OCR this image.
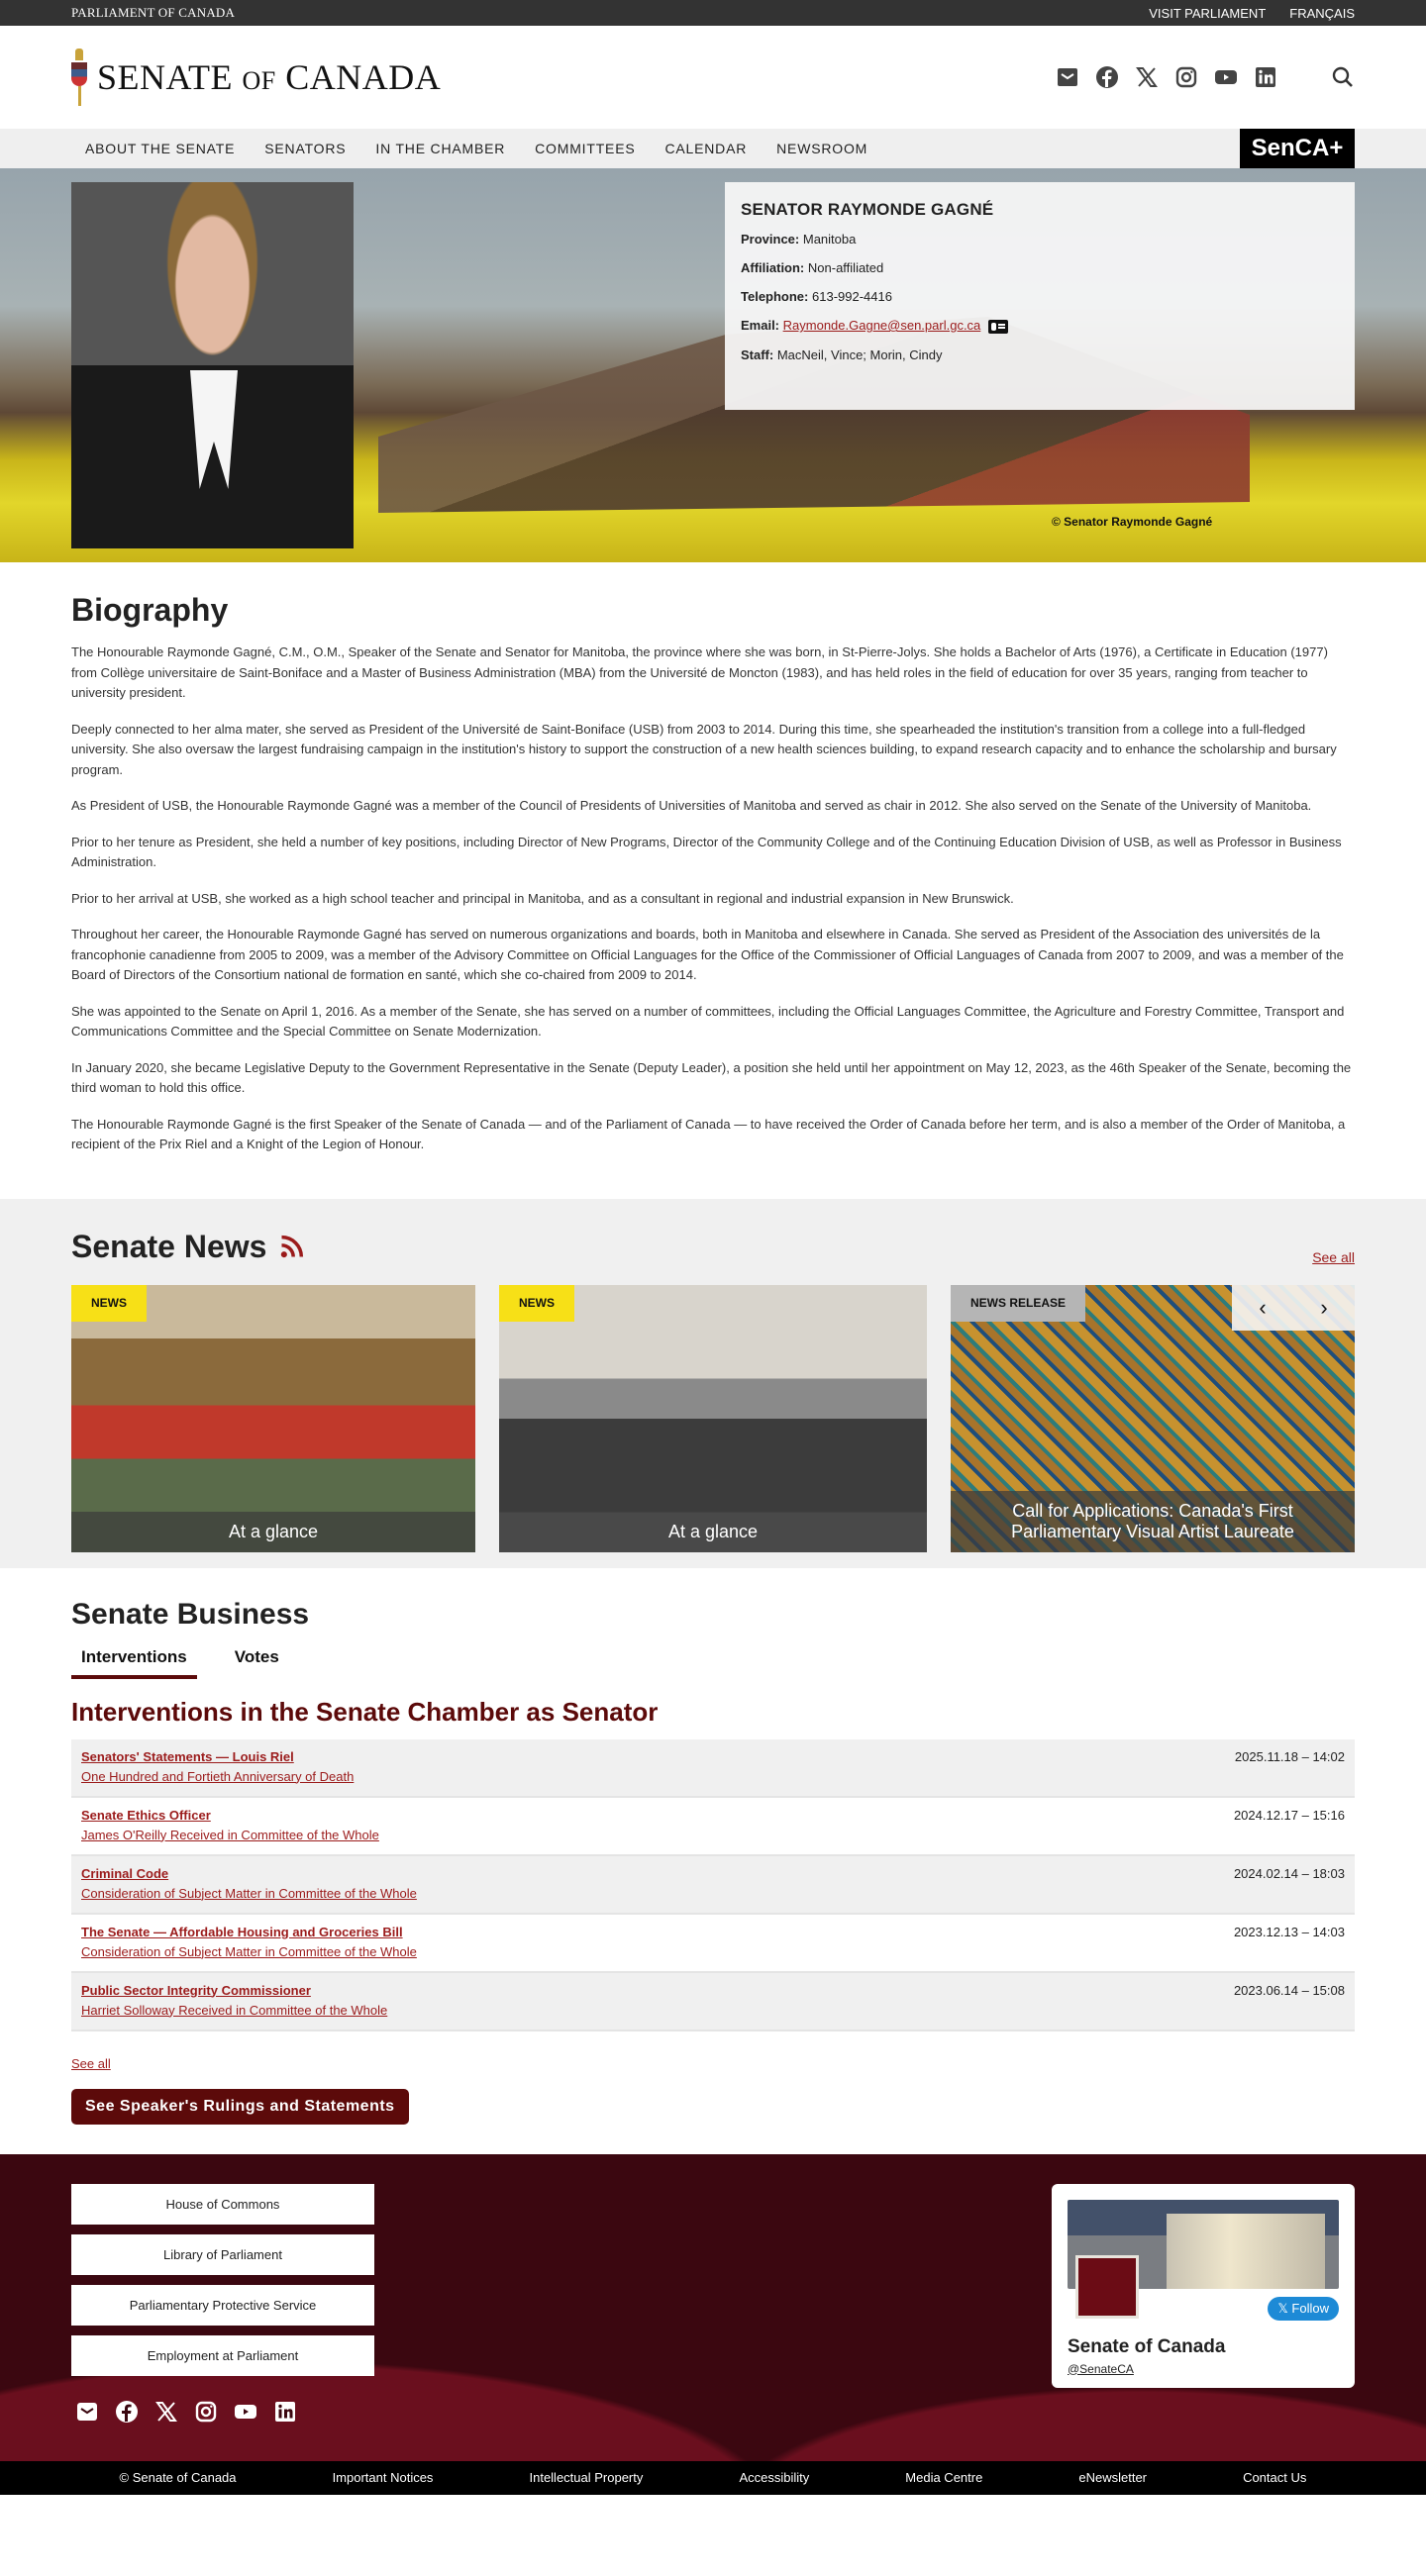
PARLIAMENT OF CANADA	VISIT PARLIAMENT FRANÇAIS
SENATE OF CANADA
ABOUT THE SENATE SENATORS IN THE CHAMBER COMMITTEES CALENDAR NEWSROOM	SenCA+
SENATOR RAYMONDE GAGNÉ

Province: Manitoba

Affiliation: Non-affiliated

Telephone: 613-992-4416

Email: Raymonde.Gagne@sen.parl.gc.ca

Staff: MacNeil, Vince; Morin, Cindy

© Senator Raymonde Gagné
Biography

The Honourable Raymonde Gagné, C.M., O.M., Speaker of the Senate and Senator for Manitoba, the province where she was born, in St-Pierre-Jolys. She holds a Bachelor of Arts (1976), a Certificate in Education (1977) from Collège universitaire de Saint-Boniface and a Master of Business Administration (MBA) from the Université de Moncton (1983), and has held roles in the field of education for over 35 years, ranging from teacher to university president.

Deeply connected to her alma mater, she served as President of the Université de Saint-Boniface (USB) from 2003 to 2014. During this time, she spearheaded the institution's transition from a college into a full-fledged university. She also oversaw the largest fundraising campaign in the institution's history to support the construction of a new health sciences building, to expand research capacity and to enhance the scholarship and bursary program.

As President of USB, the Honourable Raymonde Gagné was a member of the Council of Presidents of Universities of Manitoba and served as chair in 2012. She also served on the Senate of the University of Manitoba.

Prior to her tenure as President, she held a number of key positions, including Director of New Programs, Director of the Community College and of the Continuing Education Division of USB, as well as Professor in Business Administration.

Prior to her arrival at USB, she worked as a high school teacher and principal in Manitoba, and as a consultant in regional and industrial expansion in New Brunswick.

Throughout her career, the Honourable Raymonde Gagné has served on numerous organizations and boards, both in Manitoba and elsewhere in Canada. She served as President of the Association des universités de la francophonie canadienne from 2005 to 2009, was a member of the Advisory Committee on Official Languages for the Office of the Commissioner of Official Languages of Canada from 2007 to 2009, and was a member of the Board of Directors of the Consortium national de formation en santé, which she co-chaired from 2009 to 2014.

She was appointed to the Senate on April 1, 2016. As a member of the Senate, she has served on a number of committees, including the Official Languages Committee, the Agriculture and Forestry Committee, Transport and Communications Committee and the Special Committee on Senate Modernization.

In January 2020, she became Legislative Deputy to the Government Representative in the Senate (Deputy Leader), a position she held until her appointment on May 12, 2023, as the 46th Speaker of the Senate, becoming the third woman to hold this office.

The Honourable Raymonde Gagné is the first Speaker of the Senate of Canada — and of the Parliament of Canada — to have received the Order of Canada before her term, and is also a member of the Order of Manitoba, a recipient of the Prix Riel and a Knight of the Legion of Honour.

Senate News	See all
NEWS
At a glance
NEWS
At a glance
NEWS RELEASE	‹ ›
Call for Applications: Canada's First Parliamentary Visual Artist Laureate
Senate Business
Interventions	Votes
Interventions in the Senate Chamber as Senator
Senators' Statements — Louis Riel
One Hundred and Fortieth Anniversary of Death
2025.11.18 – 14:02
Senate Ethics Officer
James O'Reilly Received in Committee of the Whole
2024.12.17 – 15:16
Criminal Code
Consideration of Subject Matter in Committee of the Whole
2024.02.14 – 18:03
The Senate — Affordable Housing and Groceries Bill
Consideration of Subject Matter in Committee of the Whole
2023.12.13 – 14:03
Public Sector Integrity Commissioner
Harriet Solloway Received in Committee of the Whole
2023.06.14 – 15:08
See all
See Speaker's Rulings and Statements
House of Commons
Library of Parliament
Parliamentary Protective Service
Employment at Parliament
𝕏 Follow
Senate of Canada
@SenateCA
© Senate of Canada	Important Notices	Intellectual Property	Accessibility	Media Centre	eNewsletter	Contact Us
